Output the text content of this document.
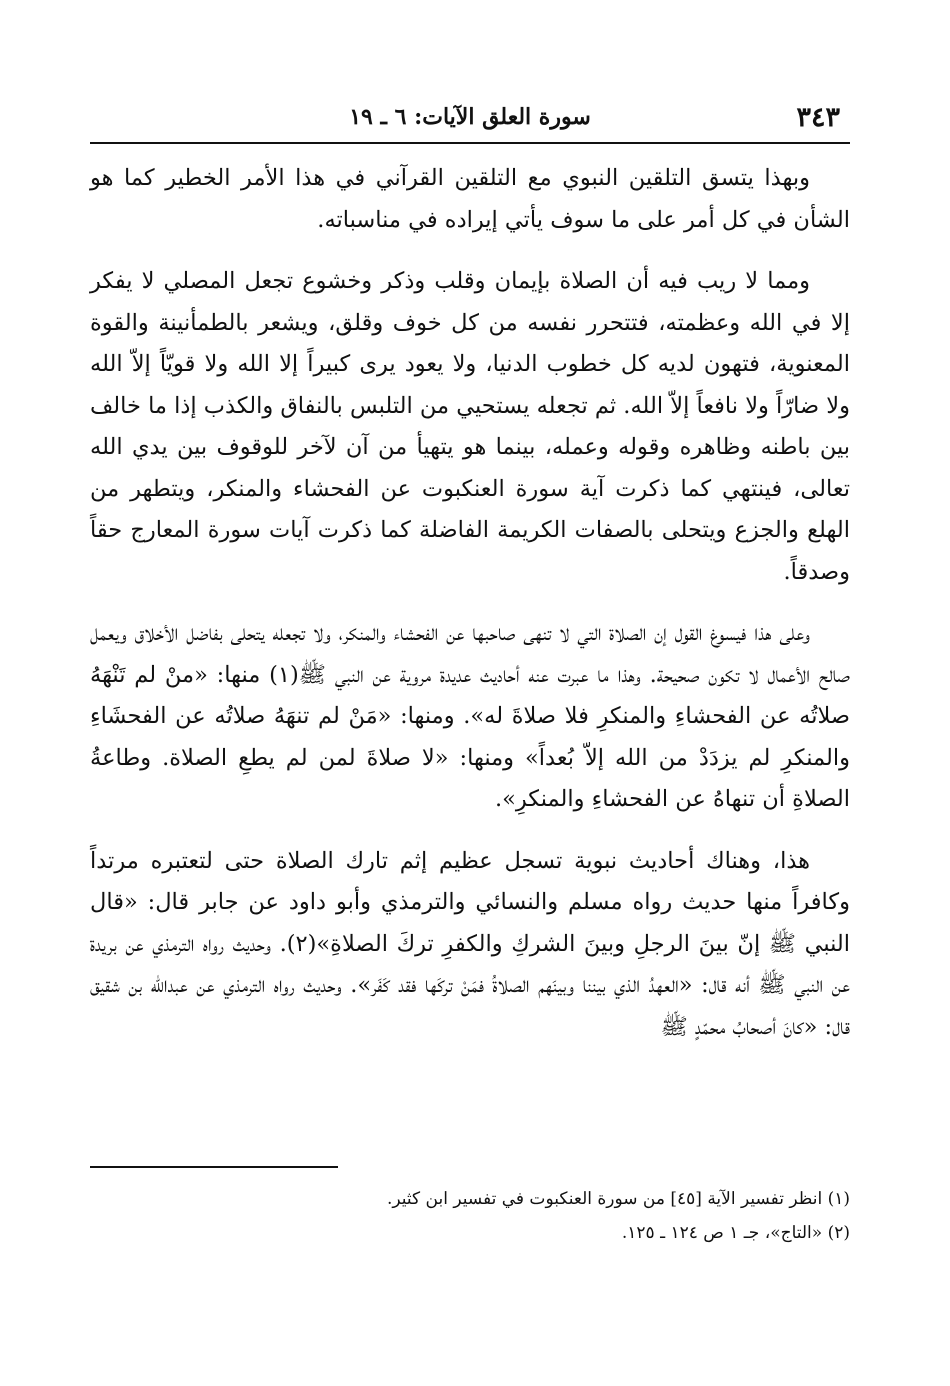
٣٤٣
سورة العلق الآيات: ٦ ـ ١٩

وبهذا يتسق التلقين النبوي مع التلقين القرآني في هذا الأمر الخطير كما هو الشأن في كل أمر على ما سوف يأتي إيراده في مناسباته.

ومما لا ريب فيه أن الصلاة بإيمان وقلب وذكر وخشوع تجعل المصلي لا يفكر إلا في الله وعظمته، فتتحرر نفسه من كل خوف وقلق، ويشعر بالطمأنينة والقوة المعنوية، فتهون لديه كل خطوب الدنيا، ولا يعود يرى كبيراً إلا الله ولا قويّاً إلاّ الله ولا ضارّاً ولا نافعاً إلاّ الله. ثم تجعله يستحيي من التلبس بالنفاق والكذب إذا ما خالف بين باطنه وظاهره وقوله وعمله، بينما هو يتهيأ من آن لآخر للوقوف بين يدي الله تعالى، فينتهي كما ذكرت آية سورة العنكبوت عن الفحشاء والمنكر، ويتطهر من الهلع والجزع ويتحلى بالصفات الكريمة الفاضلة كما ذكرت آيات سورة المعارج حقاً وصدقاً.

وعلى هذا فيسوغ القول إن الصلاة التي لا تنهى صاحبها عن الفحشاء والمنكر، ولا تجعله يتحلى بفاضل الأخلاق ويعمل صالح الأعمال لا تكون صحيحة. وهذا ما عبرت عنه أحاديث عديدة مروية عن النبي ﷺ(١) منها: «منْ لم تَنْهَهُ صلاتُه عن الفحشاءِ والمنكرِ فلا صلاةَ له». ومنها: «مَنْ لم تنهَهُ صلاتُه عن الفحشَاءِ والمنكرِ لم يزدَدْ من الله إلاّ بُعداً» ومنها: «لا صلاةَ لمن لم يطعِ الصلاة. وطاعةُ الصلاةِ أن تنهاهُ عن الفحشاءِ والمنكرِ».

هذا، وهناك أحاديث نبوية تسجل عظيم إثم تارك الصلاة حتى لتعتبره مرتداً وكافراً منها حديث رواه مسلم والنسائي والترمذي وأبو داود عن جابر قال: «قال النبي ﷺ إنّ بينَ الرجلِ وبينَ الشركِ والكفرِ تركَ الصلاةِ»(٢). وحديث رواه الترمذي عن بريدة عن النبي ﷺ أنه قال: «العهدُ الذي بيننا وبينَهم الصلاةُ فمَنْ تركَها فقد كَفَر». وحديث رواه الترمذي عن عبدالله بن شقيق قال: «كانَ أصحابُ محمّدٍ ﷺ

(١) انظر تفسير الآية [٤٥] من سورة العنكبوت في تفسير ابن كثير.

(٢) «التاج»، جـ ١ ص ١٢٤ ـ ١٢٥.
